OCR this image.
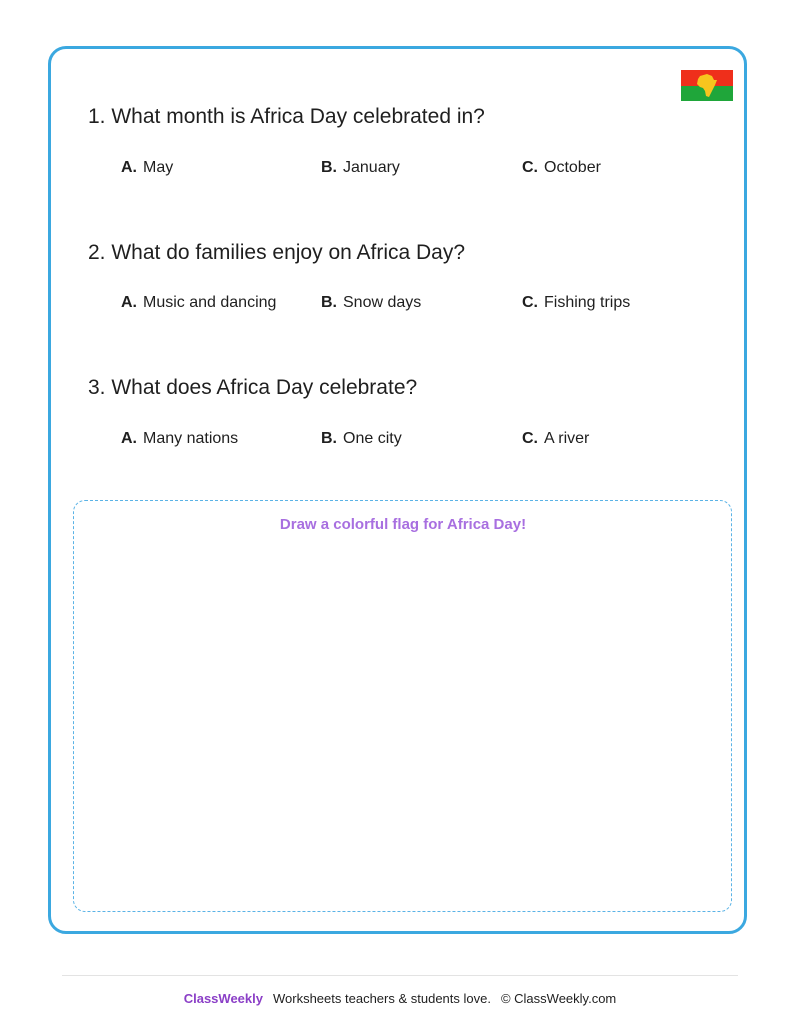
1. What month is Africa Day celebrated in?
A. May	B. January	C. October
2. What do families enjoy on Africa Day?
A. Music and dancing	B. Snow days	C. Fishing trips
3. What does Africa Day celebrate?
A. Many nations	B. One city	C. A river
Draw a colorful flag for Africa Day!
ClassWeekly Worksheets teachers & students love. © ClassWeekly.com
